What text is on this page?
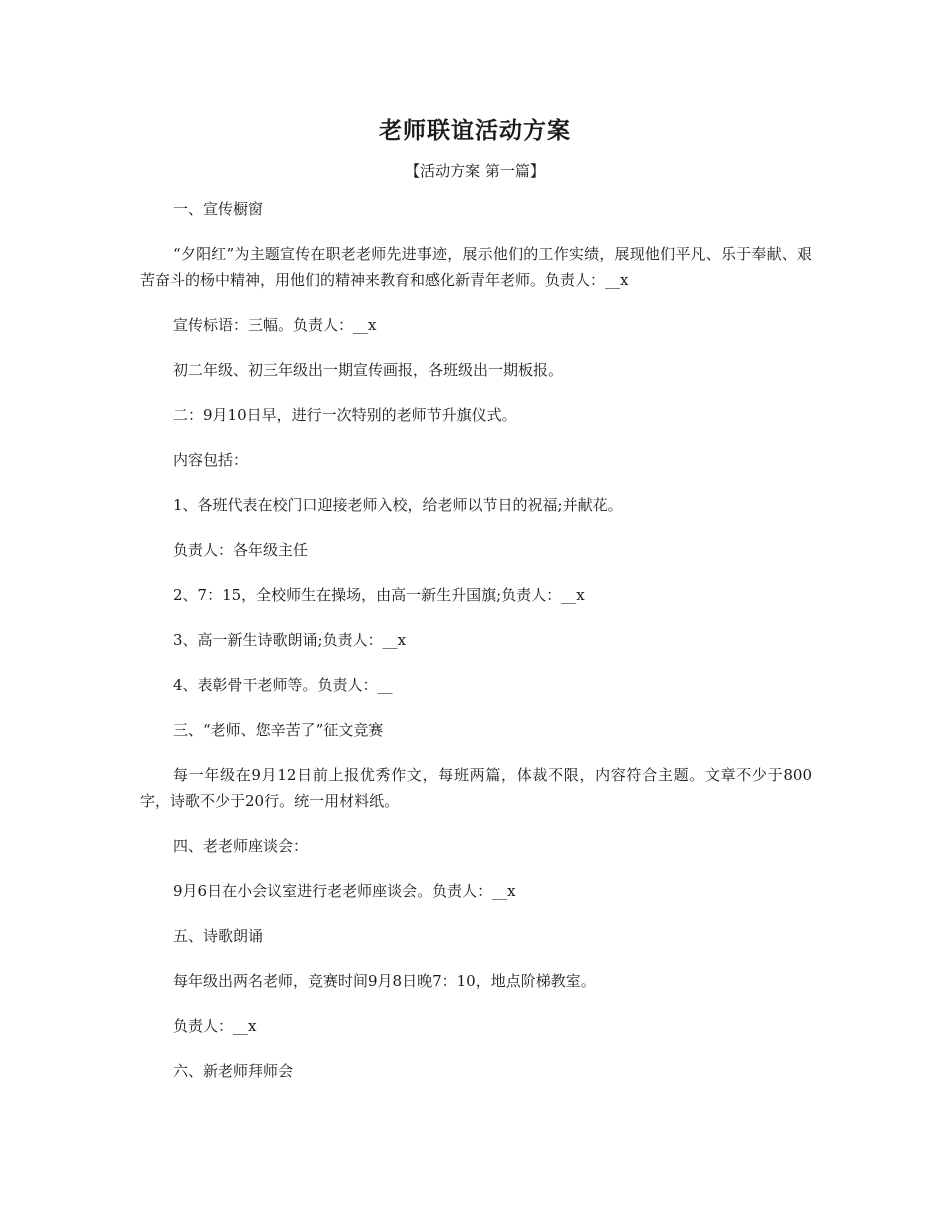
老师联谊活动方案
【活动方案 第一篇】

一、宣传橱窗

“夕阳红”为主题宣传在职老老师先进事迹，展示他们的工作实绩，展现他们平凡、乐于奉献、艰苦奋斗的杨中精神，用他们的精神来教育和感化新青年老师。负责人：__x

宣传标语：三幅。负责人：__x

初二年级、初三年级出一期宣传画报，各班级出一期板报。

二：9月10日早，进行一次特别的老师节升旗仪式。

内容包括：

1、各班代表在校门口迎接老师入校，给老师以节日的祝福;并献花。

负责人：各年级主任

2、7：15，全校师生在操场，由高一新生升国旗;负责人：__x

3、高一新生诗歌朗诵;负责人：__x

4、表彰骨干老师等。负责人：__

三、“老师、您辛苦了”征文竞赛

每一年级在9月12日前上报优秀作文，每班两篇，体裁不限，内容符合主题。文章不少于800字，诗歌不少于20行。统一用材料纸。

四、老老师座谈会：

9月6日在小会议室进行老老师座谈会。负责人：__x

五、诗歌朗诵

每年级出两名老师，竞赛时间9月8日晚7：10，地点阶梯教室。

负责人：__x

六、新老师拜师会
